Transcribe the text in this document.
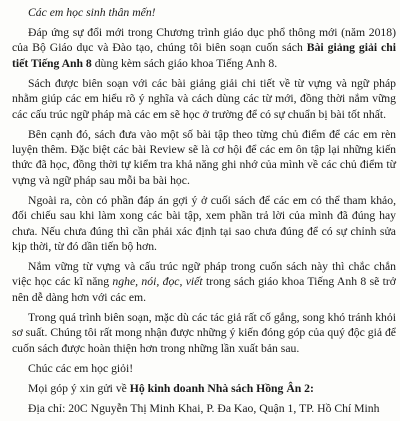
Các em học sinh thân mến!

Đáp ứng sự đổi mới trong Chương trình giáo dục phổ thông mới (năm 2018) của Bộ Giáo dục và Đào tạo, chúng tôi biên soạn cuốn sách Bài giảng giải chi tiết Tiếng Anh 8 dùng kèm sách giáo khoa Tiếng Anh 8.

Sách được biên soạn với các bài giảng giải chi tiết về từ vựng và ngữ pháp nhằm giúp các em hiểu rõ ý nghĩa và cách dùng các từ mới, đồng thời nắm vững các cấu trúc ngữ pháp mà các em sẽ học ở trường để có sự chuẩn bị bài tốt nhất.

Bên cạnh đó, sách đưa vào một số bài tập theo từng chủ điểm để các em rèn luyện thêm. Đặc biệt các bài Review sẽ là cơ hội để các em ôn tập lại những kiến thức đã học, đồng thời tự kiểm tra khả năng ghi nhớ của mình về các chủ điểm từ vựng và ngữ pháp sau mỗi ba bài học.

Ngoài ra, còn có phần đáp án gợi ý ở cuối sách để các em có thể tham khảo, đối chiếu sau khi làm xong các bài tập, xem phần trả lời của mình đã đúng hay chưa. Nếu chưa đúng thì cần phải xác định tại sao chưa đúng để có sự chỉnh sửa kịp thời, từ đó dần tiến bộ hơn.

Nắm vững từ vựng và cấu trúc ngữ pháp trong cuốn sách này thì chắc chắn việc học các kĩ năng nghe, nói, đọc, viết trong sách giáo khoa Tiếng Anh 8 sẽ trở nên dễ dàng hơn với các em.

Trong quá trình biên soạn, mặc dù các tác giả rất cố gắng, song khó tránh khỏi sơ suất. Chúng tôi rất mong nhận được những ý kiến đóng góp của quý độc giả để cuốn sách được hoàn thiện hơn trong những lần xuất bản sau.

Chúc các em học giỏi!

Mọi góp ý xin gửi về Hộ kinh doanh Nhà sách Hồng Ân 2:

Địa chỉ: 20C Nguyễn Thị Minh Khai, P. Đa Kao, Quận 1, TP. Hồ Chí Minh
